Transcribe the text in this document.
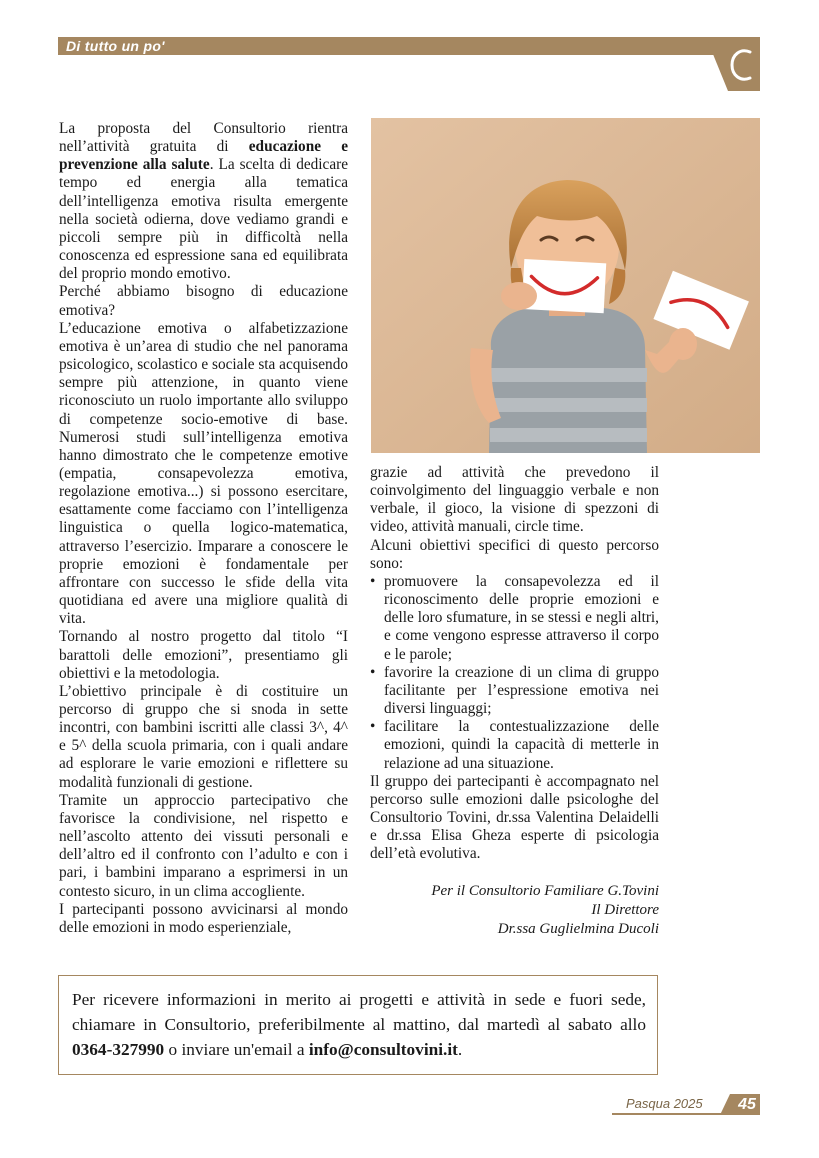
Di tutto un po'

La proposta del Consultorio rientra nell’attività gratuita di educazione e prevenzione alla salute. La scelta di dedicare tempo ed energia alla tematica dell’intelligenza emotiva risulta emergente nella società odierna, dove vediamo grandi e piccoli sempre più in difficoltà nella conoscenza ed espressione sana ed equilibrata del proprio mondo emotivo.

Perché abbiamo bisogno di educazione emotiva?

L’educazione emotiva o alfabetizzazione emotiva è un’area di studio che nel panorama psicologico, scolastico e sociale sta acquisendo sempre più attenzione, in quanto viene riconosciuto un ruolo importante allo sviluppo di competenze socio-emotive di base. Numerosi studi sull’intelligenza emotiva hanno dimostrato che le competenze emotive (empatia, consapevolezza emotiva, regolazione emotiva...) si possono esercitare, esattamente come facciamo con l’intelligenza linguistica o quella logico-matematica, attraverso l’esercizio. Imparare a conoscere le proprie emozioni è fondamentale per affrontare con successo le sfide della vita quotidiana ed avere una migliore qualità di vita.

Tornando al nostro progetto dal titolo “I barattoli delle emozioni”, presentiamo gli obiettivi e la metodologia.

L’obiettivo principale è di costituire un percorso di gruppo che si snoda in sette incontri, con bambini iscritti alle classi 3^, 4^ e 5^ della scuola primaria, con i quali andare ad esplorare le varie emozioni e riflettere su modalità funzionali di gestione.

Tramite un approccio partecipativo che favorisce la condivisione, nel rispetto e nell’ascolto attento dei vissuti personali e dell’altro ed il confronto con l’adulto e con i pari, i bambini imparano a esprimersi in un contesto sicuro, in un clima accogliente.

I partecipanti possono avvicinarsi al mondo delle emozioni in modo esperienziale,

grazie ad attività che prevedono il coinvolgimento del linguaggio verbale e non verbale, il gioco, la visione di spezzoni di video, attività manuali, circle time.

Alcuni obiettivi specifici di questo percorso sono:

• promuovere la consapevolezza ed il riconoscimento delle proprie emozioni e delle loro sfumature, in se stessi e negli altri, e come vengono espresse attraverso il corpo e le parole;
• favorire la creazione di un clima di gruppo facilitante per l’espressione emotiva nei diversi linguaggi;
• facilitare la contestualizzazione delle emozioni, quindi la capacità di metterle in relazione ad una situazione.

Il gruppo dei partecipanti è accompagnato nel percorso sulle emozioni dalle psicologhe del Consultorio Tovini, dr.ssa Valentina Delaidelli e dr.ssa Elisa Gheza esperte di psicologia dell’età evolutiva.

Per il Consultorio Familiare G.Tovini
Il Direttore
Dr.ssa Guglielmina Ducoli
Per ricevere informazioni in merito ai progetti e attività in sede e fuori sede, chiamare in Consultorio, preferibilmente al mattino, dal martedì al sabato allo 0364-327990 o inviare un'email a info@consultovini.it.
Pasqua 2025 45
